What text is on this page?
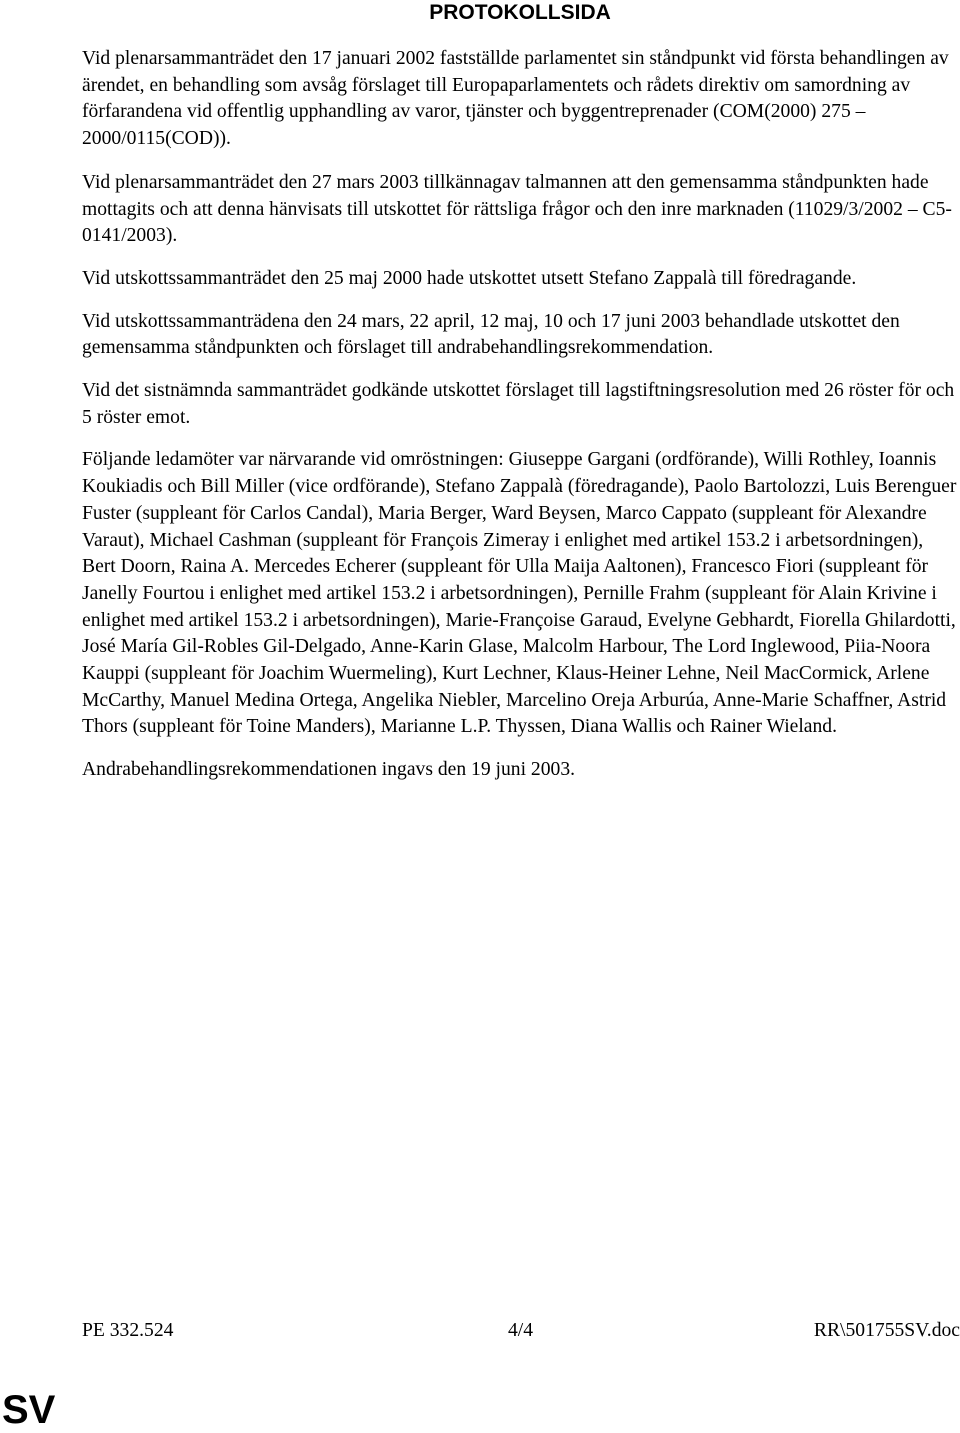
PROTOKOLLSIDA

Vid plenarsammanträdet den 17 januari 2002 fastställde parlamentet sin ståndpunkt vid första behandlingen av ärendet, en behandling som avsåg förslaget till Europaparlamentets och rådets direktiv om samordning av förfarandena vid offentlig upphandling av varor, tjänster och byggentreprenader (COM(2000) 275 – 2000/0115(COD)).

Vid plenarsammanträdet den 27 mars 2003 tillkännagav talmannen att den gemensamma ståndpunkten hade mottagits och att denna hänvisats till utskottet för rättsliga frågor och den inre marknaden (11029/3/2002 – C5-0141/2003).

Vid utskottssammanträdet den 25 maj 2000 hade utskottet utsett Stefano Zappalà till föredragande.

Vid utskottssammanträdena den 24 mars, 22 april, 12 maj, 10 och 17 juni 2003 behandlade utskottet den gemensamma ståndpunkten och förslaget till andrabehandlingsrekommendation.

Vid det sistnämnda sammanträdet godkände utskottet förslaget till lagstiftningsresolution med 26 röster för och 5 röster emot.

Följande ledamöter var närvarande vid omröstningen: Giuseppe Gargani (ordförande), Willi Rothley, Ioannis Koukiadis och Bill Miller (vice ordförande), Stefano Zappalà (föredragande), Paolo Bartolozzi, Luis Berenguer Fuster (suppleant för Carlos Candal), Maria Berger, Ward Beysen, Marco Cappato (suppleant för Alexandre Varaut), Michael Cashman (suppleant för François Zimeray i enlighet med artikel 153.2 i arbetsordningen), Bert Doorn, Raina A. Mercedes Echerer (suppleant för Ulla Maija Aaltonen), Francesco Fiori (suppleant för Janelly Fourtou i enlighet med artikel 153.2 i arbetsordningen), Pernille Frahm (suppleant för Alain Krivine i enlighet med artikel 153.2 i arbetsordningen), Marie-Françoise Garaud, Evelyne Gebhardt, Fiorella Ghilardotti, José María Gil-Robles Gil-Delgado, Anne-Karin Glase, Malcolm Harbour, The Lord Inglewood, Piia-Noora Kauppi (suppleant för Joachim Wuermeling), Kurt Lechner, Klaus-Heiner Lehne, Neil MacCormick, Arlene McCarthy, Manuel Medina Ortega, Angelika Niebler, Marcelino Oreja Arburúa, Anne-Marie Schaffner, Astrid Thors (suppleant för Toine Manders), Marianne L.P. Thyssen, Diana Wallis och Rainer Wieland.

Andrabehandlingsrekommendationen ingavs den 19 juni 2003.

PE 332.524	4/4	RR\501755SV.doc
SV
